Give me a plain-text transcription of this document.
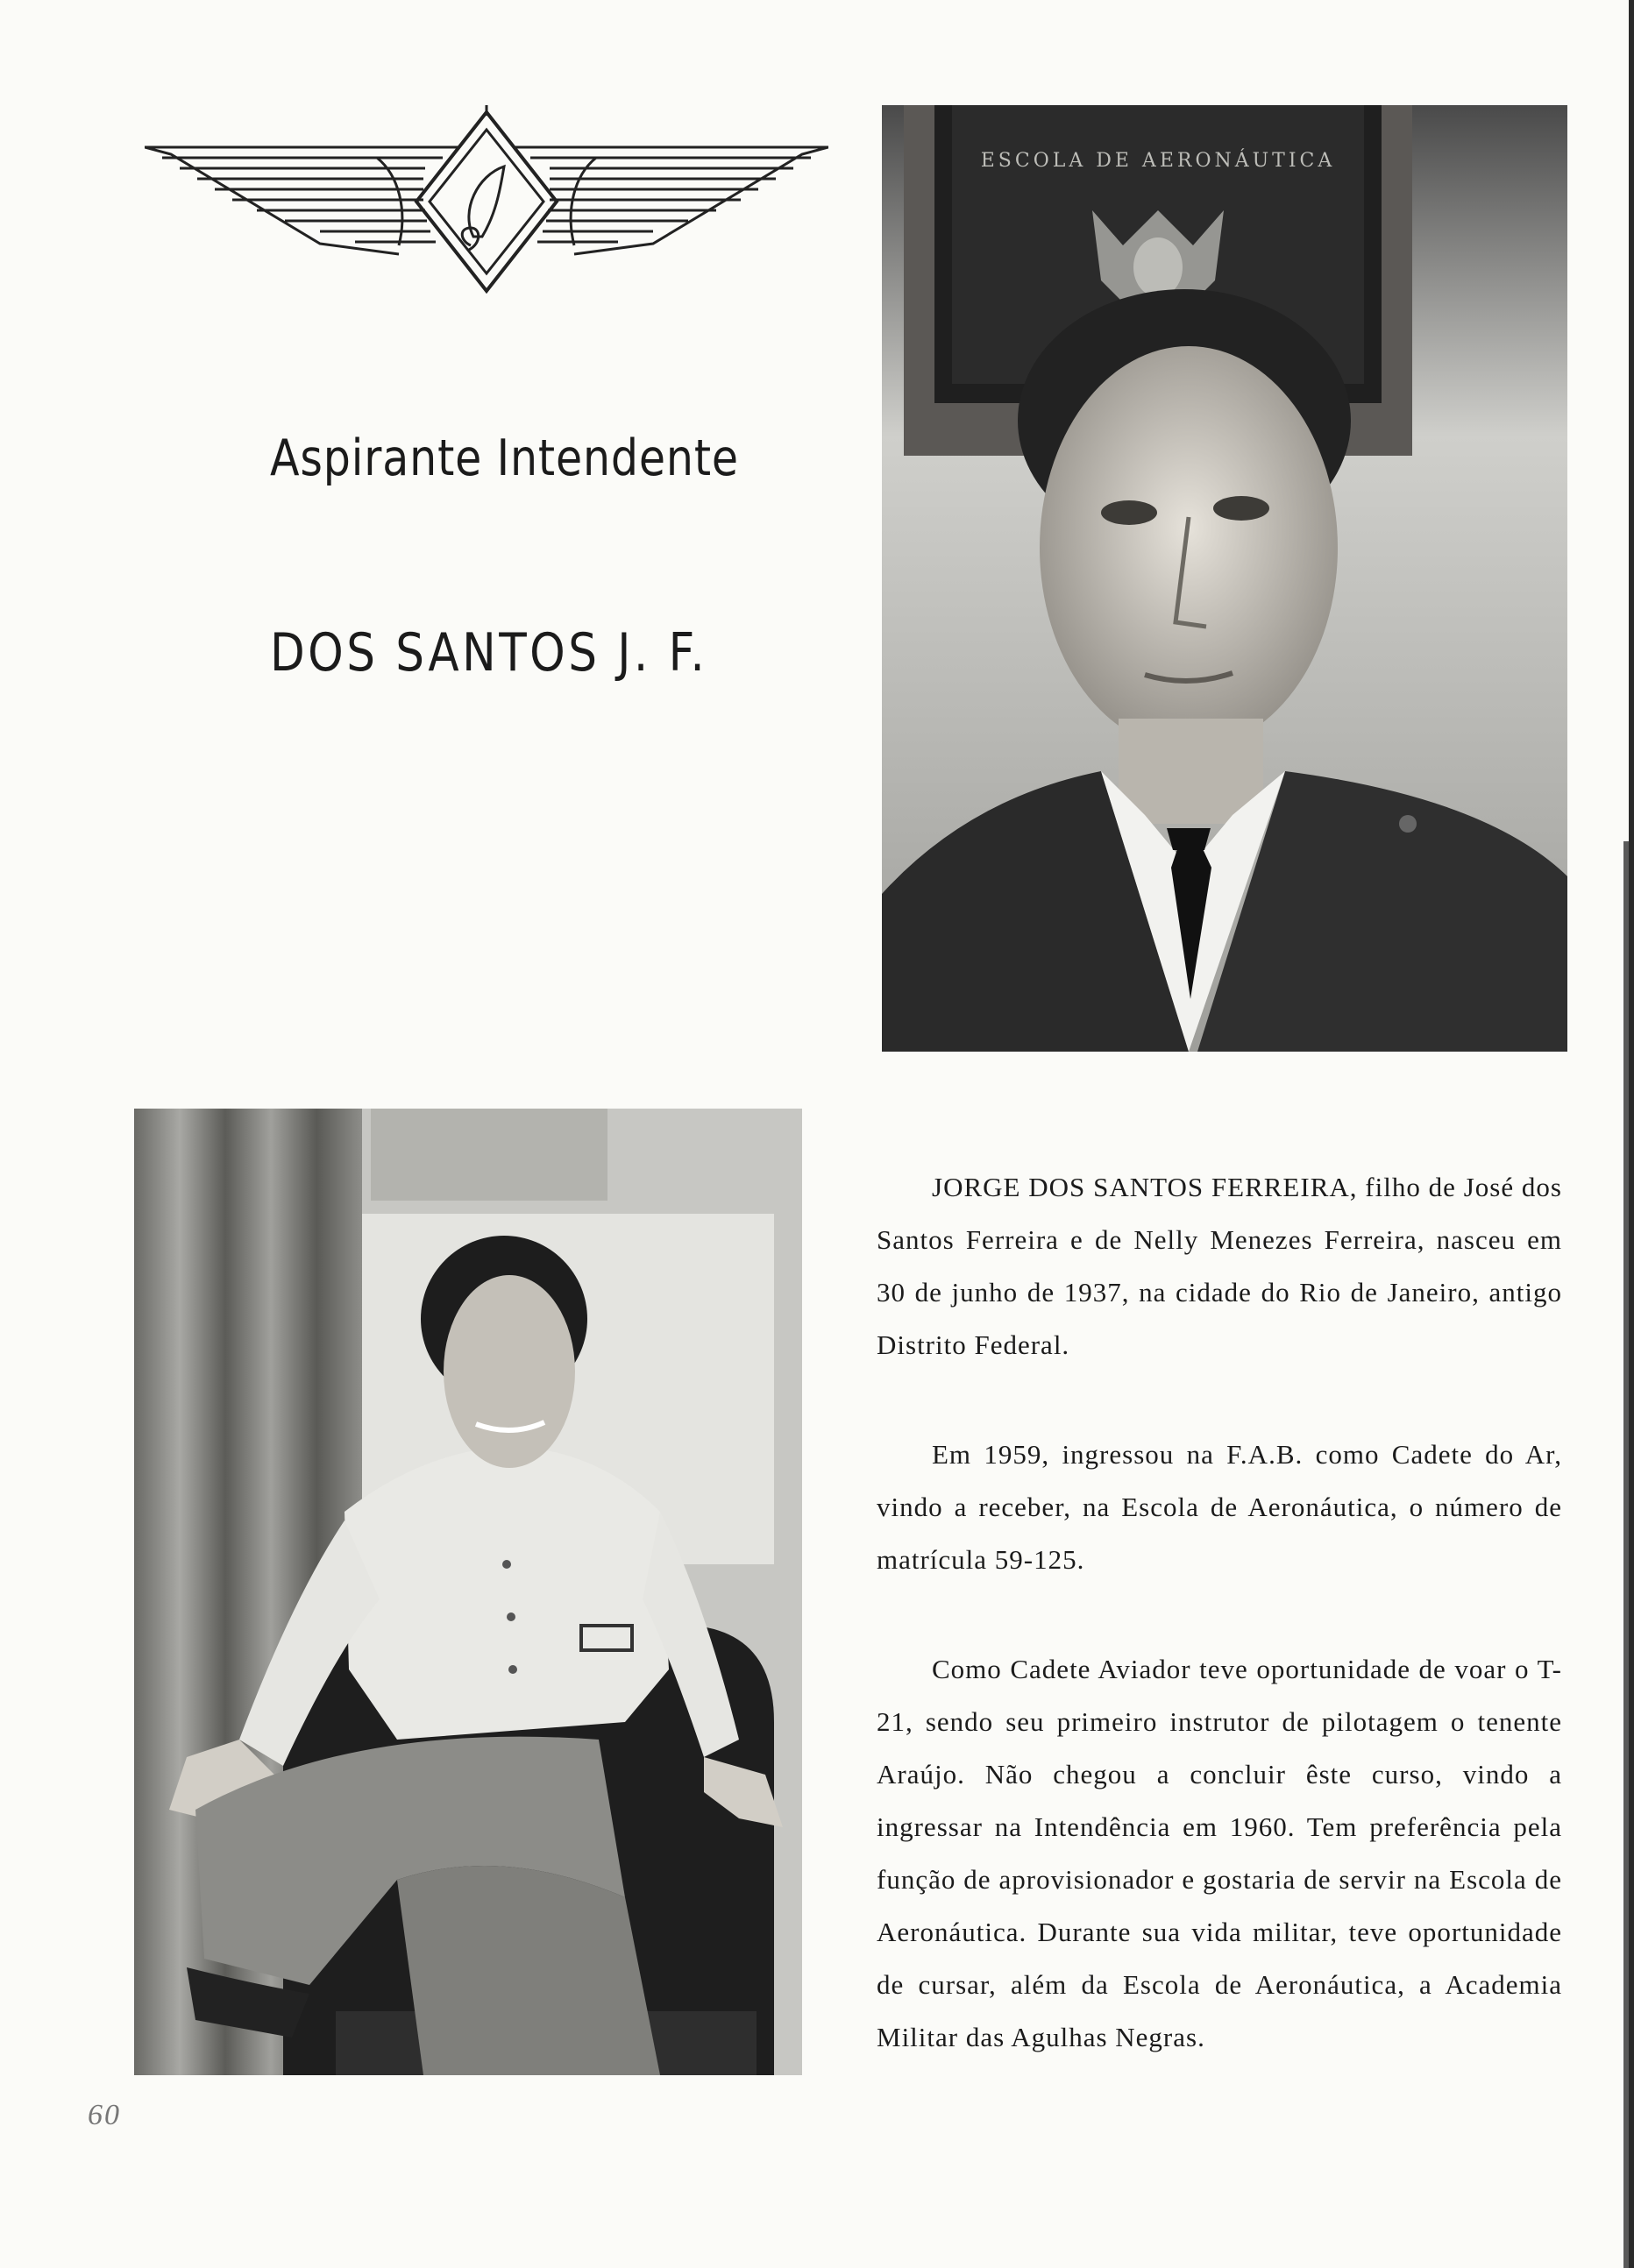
Aspirante Intendente
DOS SANTOS J. F.
ESCOLA DE AERONÁUTICA

JORGE DOS SANTOS FERREIRA, filho de José dos Santos Ferreira e de Nelly Menezes Ferreira, nasceu em 30 de junho de 1937, na cidade do Rio de Janeiro, antigo Distrito Federal.

Em 1959, ingressou na F.A.B. como Cadete do Ar, vindo a receber, na Escola de Aeronáutica, o número de matrícula 59-125.

Como Cadete Aviador teve oportunidade de voar o T-21, sendo seu primeiro instrutor de pilotagem o tenente Araújo. Não chegou a concluir êste curso, vindo a ingressar na Intendência em 1960. Tem preferência pela função de aprovisionador e gostaria de servir na Escola de Aeronáutica. Durante sua vida militar, teve oportunidade de cursar, além da Escola de Aeronáutica, a Academia Militar das Agulhas Negras.

60
